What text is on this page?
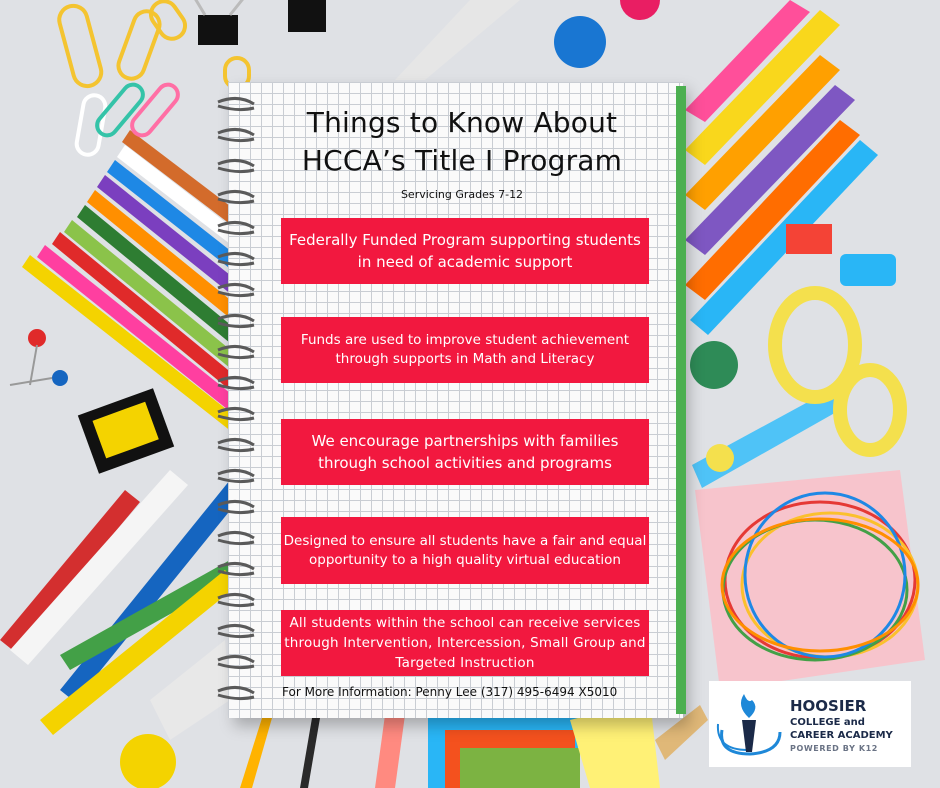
Things to Know About
HCCA’s Title I Program
Servicing Grades 7-12
Federally Funded Program supporting students in need of academic support
Funds are used to improve student achievement through supports in Math and Literacy
We encourage partnerships with families through school activities and programs
Designed to ensure all students have a fair and equal opportunity to a high quality virtual education
All students within the school can receive services through Intervention, Intercession, Small Group and Targeted Instruction
For More Information: Penny Lee (317) 495-6494 X5010
HOOSIER
COLLEGE and CAREER ACADEMY
POWERED BY K12
